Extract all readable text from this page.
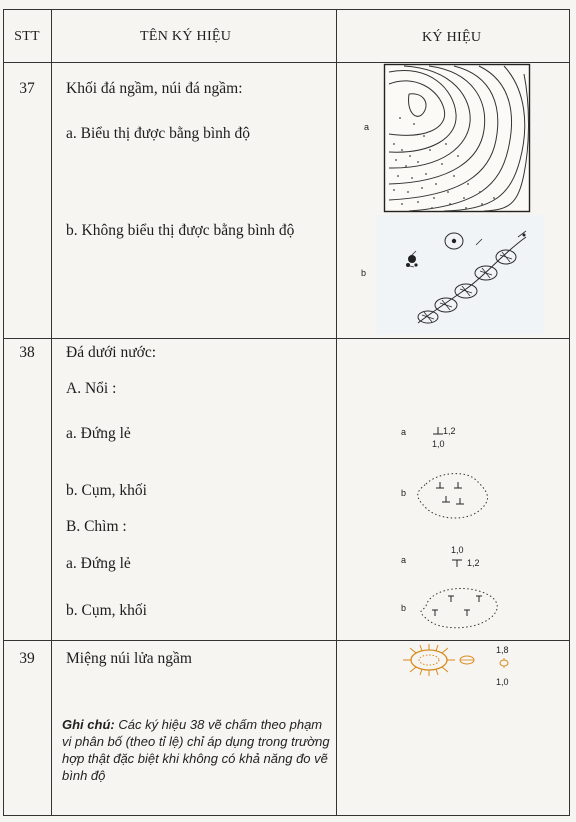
STT	TÊN KÝ HIỆU	KÝ HIỆU
37	Khối đá ngầm, núi đá ngầm:
a. Biểu thị được bằng bình độ
b. Không biểu thị được bằng bình độ
a
b
38	Đá dưới nước:
A. Nổi :
a. Đứng lẻ
b. Cụm, khối
B. Chìm :
a. Đứng lẻ
b. Cụm, khối
a	1,2
1,0
b
a
1,0
1,2
b
39	Miệng núi lửa ngầm	1,8
1,0
Ghi chú: Các ký hiệu 38 vẽ chấm theo phạm vi phân bố (theo tỉ lệ) chỉ áp dụng trong trường hợp thật đặc biệt khi không có khả năng đo vẽ bình độ
